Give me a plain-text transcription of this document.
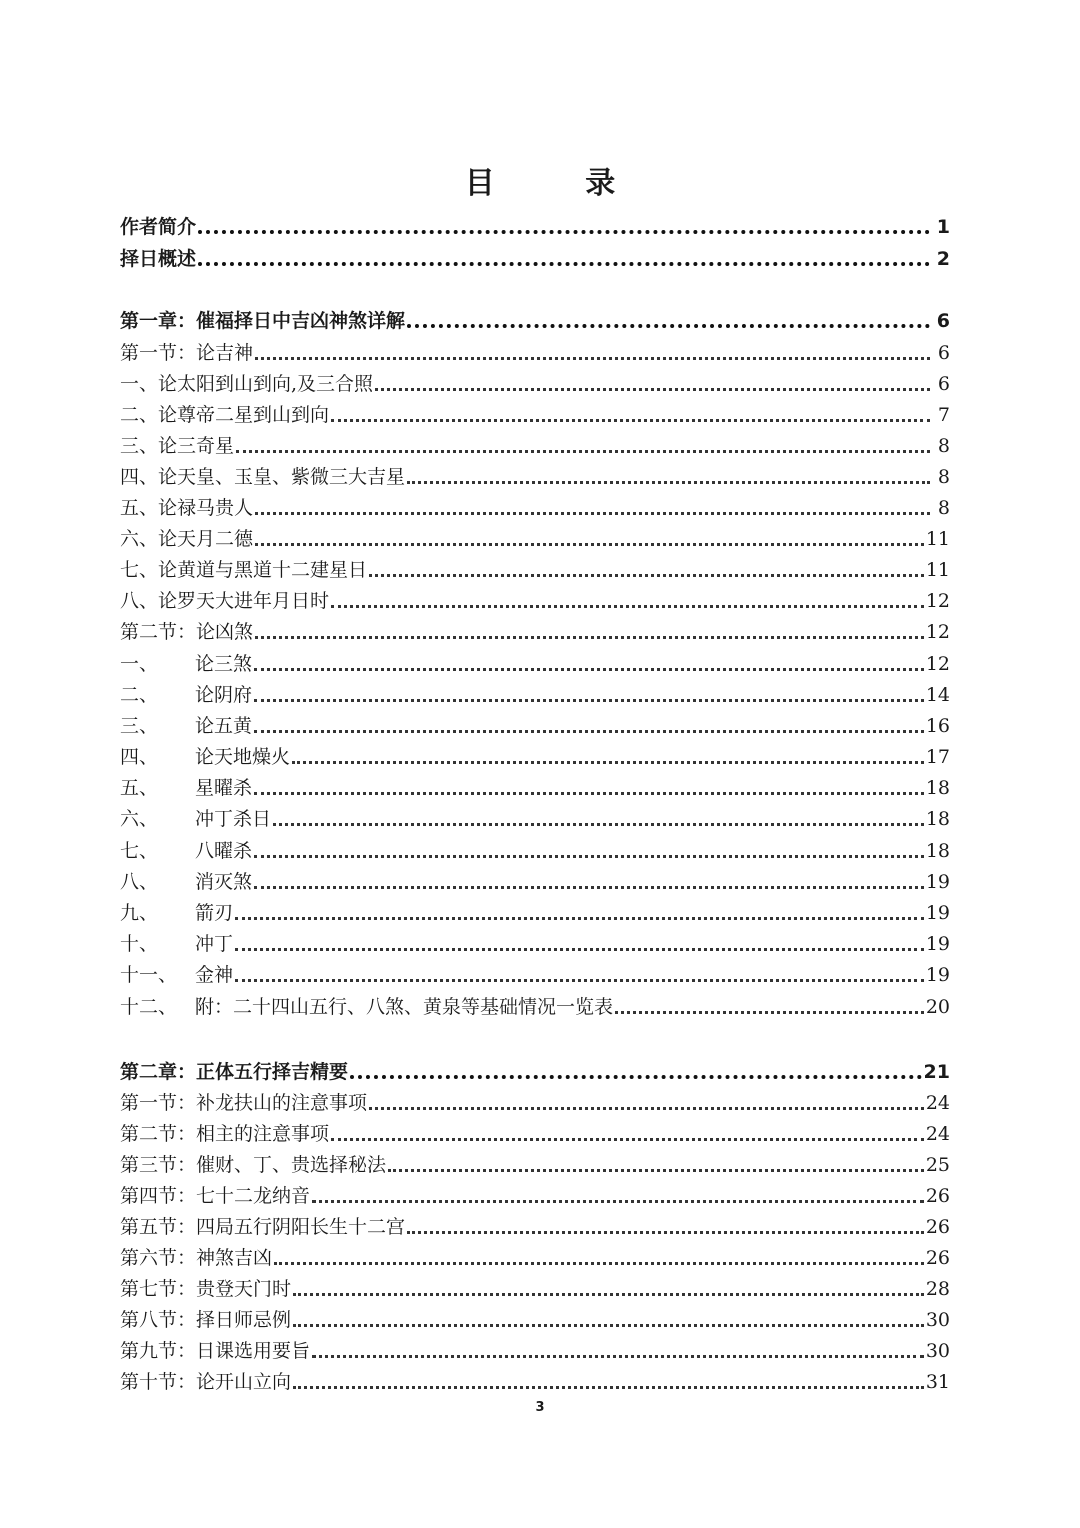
目 录
作者简介	1
择日概述	2
第一章：催福择日中吉凶神煞详解	6
第一节：论吉神	6
一、论太阳到山到向,及三合照	6
二、论尊帝二星到山到向	7
三、论三奇星	8
四、论天皇、玉皇、紫微三大吉星	8
五、论禄马贵人	8
六、论天月二德	11
七、论黄道与黑道十二建星日	11
八、论罗天大进年月日时	12
第二节：论凶煞	12
一、	论三煞	12
二、	论阴府	14
三、	论五黄	16
四、	论天地燥火	17
五、	星曜杀	18
六、	冲丁杀日	18
七、	八曜杀	18
八、	消灭煞	19
九、	箭刃	19
十、	冲丁	19
十一、 金神	19
十二、 附：二十四山五行、八煞、黄泉等基础情况一览表	20
第二章：正体五行择吉精要	21
第一节：补龙扶山的注意事项	24
第二节：相主的注意事项	24
第三节：催财、丁、贵选择秘法	25
第四节：七十二龙纳音	26
第五节：四局五行阴阳长生十二宫	26
第六节：神煞吉凶	26
第七节：贵登天门时	28
第八节：择日师忌例	30
第九节：日课选用要旨	30
第十节：论开山立向	31
3
